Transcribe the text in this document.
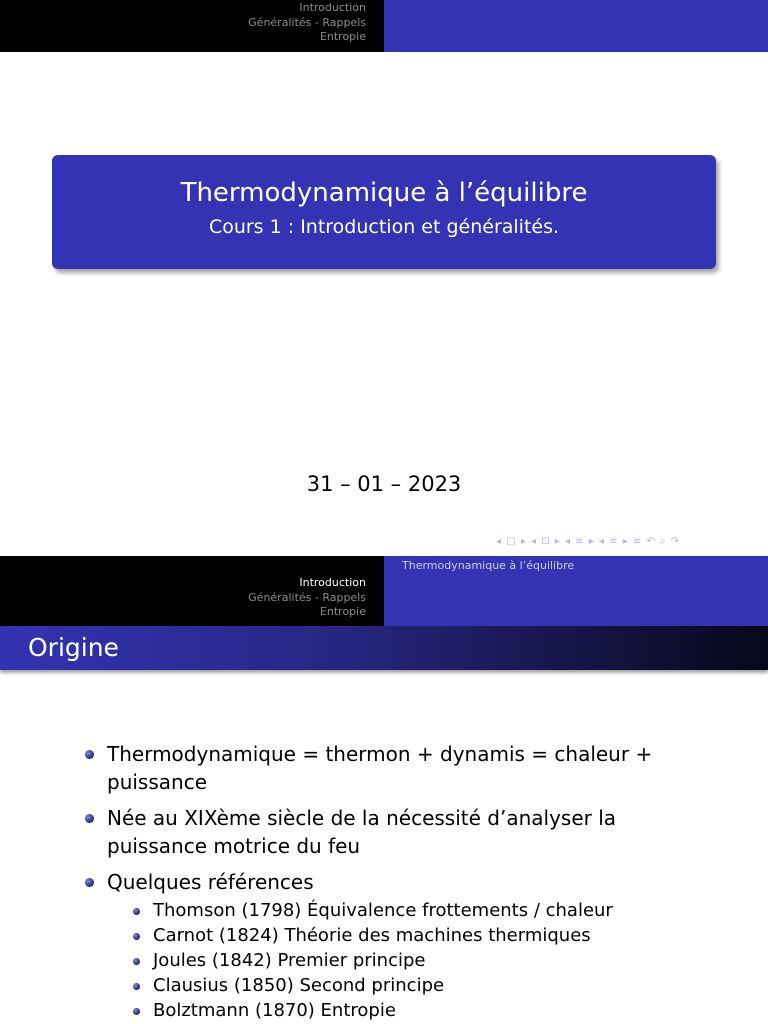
Introduction
Généralités - Rappels
Entropie
Thermodynamique à l’équilibre
Cours 1 : Introduction et généralités.
31 – 01 – 2023
◂ □ ▸ ◂ ⊡ ▸ ◂ ≡ ▸ ◂ ≡ ▸ ≡ ↶ ⌕ ↷
Introduction
Généralités - Rappels
Entropie
Thermodynamique à l’équilibre
Origine
Thermodynamique = thermon + dynamis = chaleur + puissance
Née au XIXème siècle de la nécessité d’analyser la puissance motrice du feu
Quelques références
Thomson (1798) Équivalence frottements / chaleur
Carnot (1824) Théorie des machines thermiques
Joules (1842) Premier principe
Clausius (1850) Second principe
Bolztmann (1870) Entropie
